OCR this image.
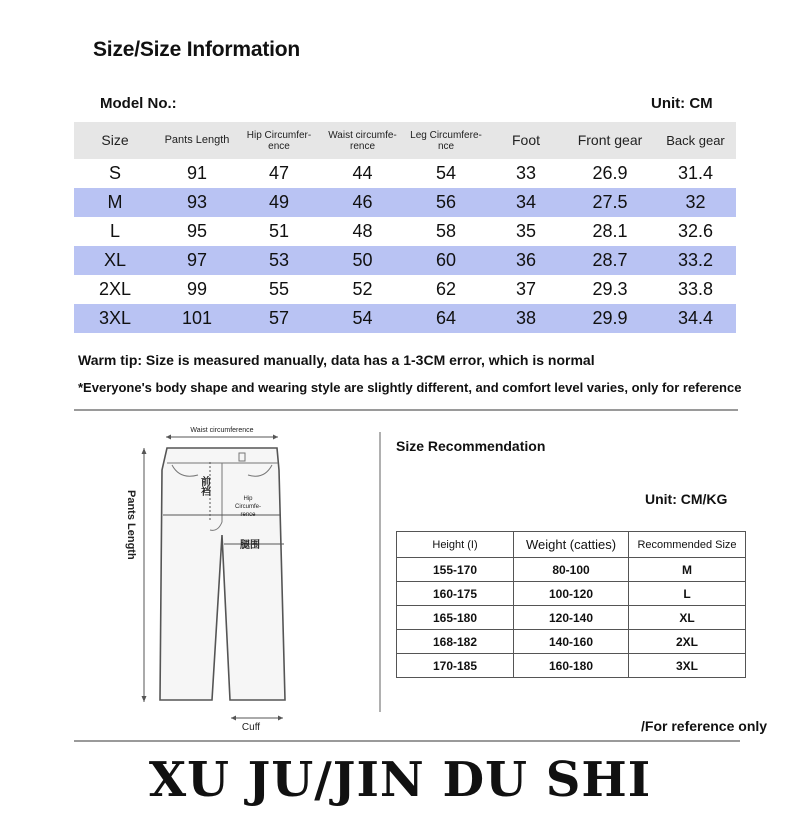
Size/Size Information
Model No.:	Unit: CM
Size	Pants Length	Hip Circumfer-ence	Waist circumfe-rence	Leg Circumfere-nce	Foot	Front gear	Back gear
S	91	47	44	54	33	26.9	31.4
M	93	49	46	56	34	27.5	32
L	95	51	48	58	35	28.1	32.6
XL	97	53	50	60	36	28.7	33.2
2XL	99	55	52	62	37	29.3	33.8
3XL	101	57	54	64	38	29.9	34.4
Warm tip: Size is measured manually, data has a 1-3CM error, which is normal
*Everyone's body shape and wearing style are slightly different, and comfort level varies, only for reference
Waist circumference
Pants Length
前裆
Hip
Circumfe-
rence
腿围
Cuff
Size Recommendation
Unit: CM/KG
Height (I)	Weight (catties)	Recommended Size
155-170	80-100	M
160-175	100-120	L
165-180	120-140	XL
168-182	140-160	2XL
170-185	160-180	3XL
/For reference only
XU JU/JIN DU SHI
